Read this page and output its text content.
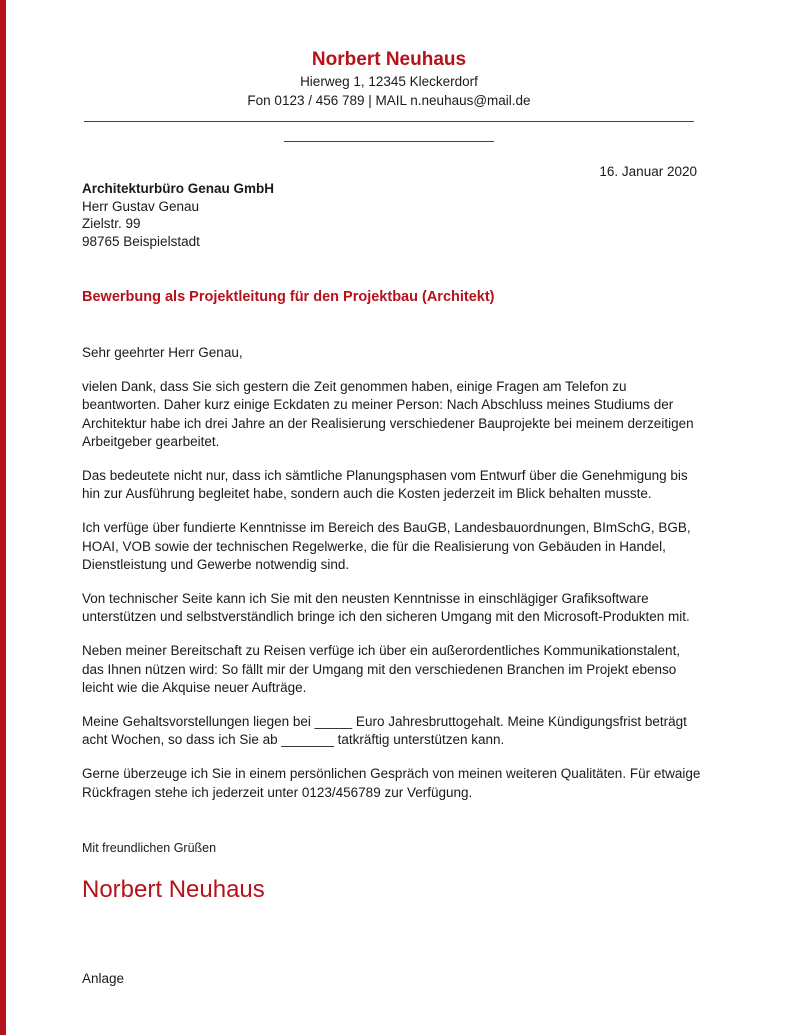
Norbert Neuhaus
Hierweg 1, 12345 Kleckerdorf
Fon 0123 / 456 789 | MAIL n.neuhaus@mail.de
16. Januar 2020
Architekturbüro Genau GmbH
Herr Gustav Genau
Zielstr. 99
98765 Beispielstadt
Bewerbung als Projektleitung für den Projektbau (Architekt)

Sehr geehrter Herr Genau,

vielen Dank, dass Sie sich gestern die Zeit genommen haben, einige Fragen am Telefon zu beantworten. Daher kurz einige Eckdaten zu meiner Person: Nach Abschluss meines Studiums der Architektur habe ich drei Jahre an der Realisierung verschiedener Bauprojekte bei meinem derzeitigen Arbeitgeber gearbeitet.

Das bedeutete nicht nur, dass ich sämtliche Planungsphasen vom Entwurf über die Genehmigung bis hin zur Ausführung begleitet habe, sondern auch die Kosten jederzeit im Blick behalten musste.

Ich verfüge über fundierte Kenntnisse im Bereich des BauGB, Landesbauordnungen, BImSchG, BGB, HOAI, VOB sowie der technischen Regelwerke, die für die Realisierung von Gebäuden in Handel, Dienstleistung und Gewerbe notwendig sind.

Von technischer Seite kann ich Sie mit den neusten Kenntnisse in einschlägiger Grafiksoftware unterstützen und selbstverständlich bringe ich den sicheren Umgang mit den Microsoft-Produkten mit.

Neben meiner Bereitschaft zu Reisen verfüge ich über ein außerordentliches Kommunikationstalent, das Ihnen nützen wird: So fällt mir der Umgang mit den verschiedenen Branchen im Projekt ebenso leicht wie die Akquise neuer Aufträge.

Meine Gehaltsvorstellungen liegen bei _____ Euro Jahresbruttogehalt. Meine Kündigungsfrist beträgt acht Wochen, so dass ich Sie ab _______ tatkräftig unterstützen kann.

Gerne überzeuge ich Sie in einem persönlichen Gespräch von meinen weiteren Qualitäten. Für etwaige Rückfragen stehe ich jederzeit unter 0123/456789 zur Verfügung.

Mit freundlichen Grüßen
Norbert Neuhaus
Anlage
